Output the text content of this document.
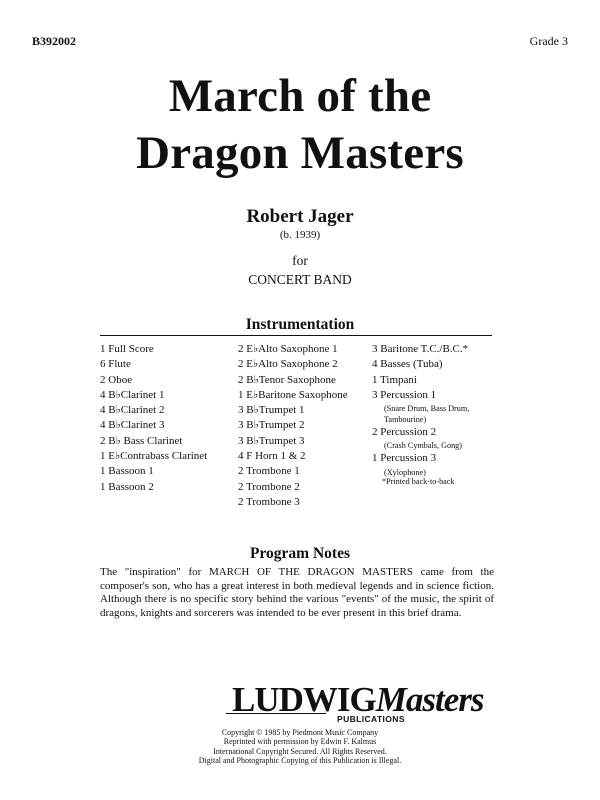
B392002	Grade 3
March of the
Dragon Masters
Robert Jager
(b. 1939)
for
CONCERT BAND
Instrumentation
1 Full Score
6 Flute
2 Oboe
4 B♭Clarinet 1
4 B♭Clarinet 2
4 B♭Clarinet 3
2 B♭ Bass Clarinet
1 E♭Contrabass Clarinet
1 Bassoon 1
1 Bassoon 2
2 E♭Alto Saxophone 1
2 E♭Alto Saxophone 2
2 B♭Tenor Saxophone
1 E♭Baritone Saxophone
3 B♭Trumpet 1
3 B♭Trumpet 2
3 B♭Trumpet 3
4 F Horn 1 & 2
2 Trombone 1
2 Trombone 2
2 Trombone 3
3 Baritone T.C./B.C.*
4 Basses (Tuba)
1 Timpani
3 Percussion 1
(Snare Drum, Bass Drum,
Tambourine)
2 Percussion 2
(Crash Cymbals, Gong)
1 Percussion 3
(Xylophone)
*Printed back-to-back
Program Notes
The "inspiration" for MARCH OF THE DRAGON MASTERS came from the composer's son, who has a great interest in both medieval legends and in science fiction. Although there is no specific story behind the various "events" of the music, the spirit of dragons, knights and sorcerers was intended to be ever present in this brief drama.
LUDWIGMasters
PUBLICATIONS
Copyright © 1985 by Piedmont Music Company
Reprinted with permission by Edwin F. Kalmus
International Copyright Secured. All Rights Reserved.
Digital and Photographic Copying of this Publication is Illegal.
